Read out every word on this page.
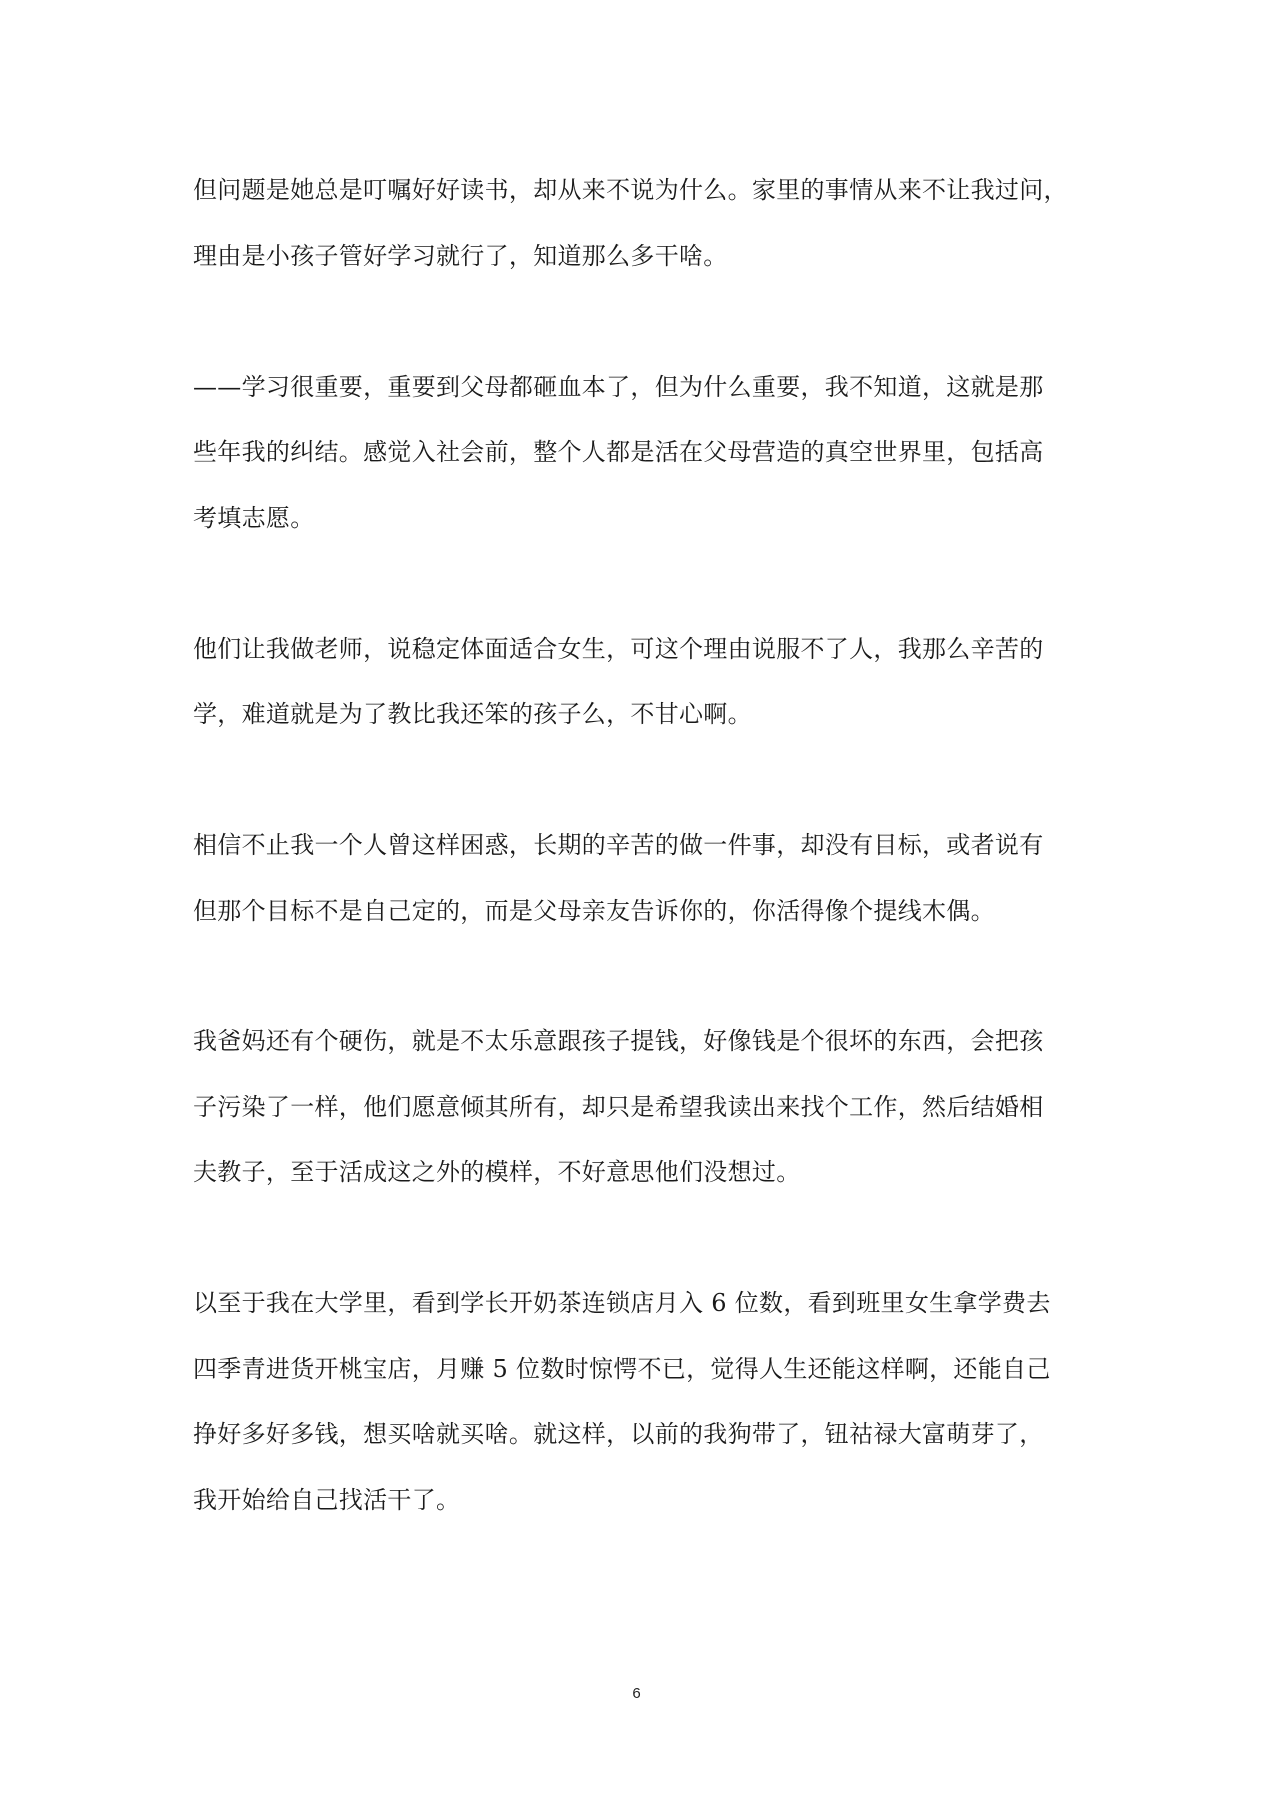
但问题是她总是叮嘱好好读书，却从来不说为什么。家里的事情从来不让我过问，
理由是小孩子管好学习就行了，知道那么多干啥。
——学习很重要，重要到父母都砸血本了，但为什么重要，我不知道，这就是那
些年我的纠结。感觉入社会前，整个人都是活在父母营造的真空世界里，包括高
考填志愿。
他们让我做老师，说稳定体面适合女生，可这个理由说服不了人，我那么辛苦的
学，难道就是为了教比我还笨的孩子么，不甘心啊。
相信不止我一个人曾这样困惑，长期的辛苦的做一件事，却没有目标，或者说有
但那个目标不是自己定的，而是父母亲友告诉你的，你活得像个提线木偶。
我爸妈还有个硬伤，就是不太乐意跟孩子提钱，好像钱是个很坏的东西，会把孩
子污染了一样，他们愿意倾其所有，却只是希望我读出来找个工作，然后结婚相
夫教子，至于活成这之外的模样，不好意思他们没想过。
以至于我在大学里，看到学长开奶茶连锁店月入 6 位数，看到班里女生拿学费去
四季青进货开桃宝店，月赚 5 位数时惊愕不已，觉得人生还能这样啊，还能自己
挣好多好多钱，想买啥就买啥。就这样，以前的我狗带了，钮祜禄大富萌芽了，
我开始给自己找活干了。
6
